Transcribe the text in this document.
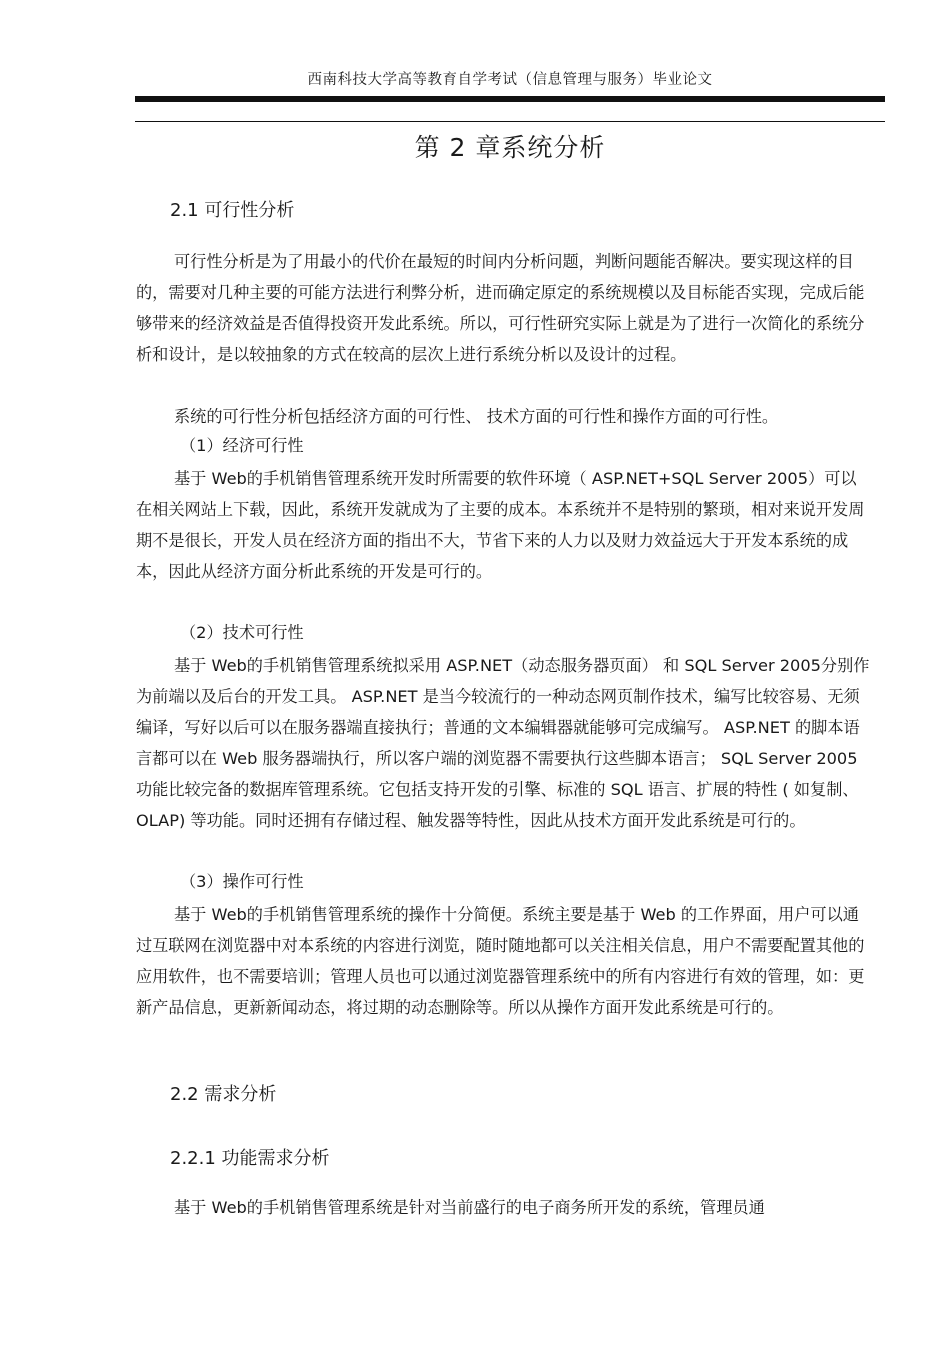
西南科技大学高等教育自学考试（信息管理与服务）毕业论文
第 2 章系统分析
2.1 可行性分析
可行性分析是为了用最小的代价在最短的时间内分析问题，判断问题能否解决。要实现这样的目的，需要对几种主要的可能方法进行利弊分析，进而确定原定的系统规模以及目标能否实现，完成后能够带来的经济效益是否值得投资开发此系统。所以，可行性研究实际上就是为了进行一次简化的系统分析和设计，是以较抽象的方式在较高的层次上进行系统分析以及设计的过程。
系统的可行性分析包括经济方面的可行性、 技术方面的可行性和操作方面的可行性。
（1）经济可行性
基于 Web的手机销售管理系统开发时所需要的软件环境（ ASP.NET+SQL Server 2005）可以在相关网站上下载，因此，系统开发就成为了主要的成本。本系统并不是特别的繁琐，相对来说开发周期不是很长，开发人员在经济方面的指出不大，节省下来的人力以及财力效益远大于开发本系统的成本，因此从经济方面分析此系统的开发是可行的。
（2）技术可行性
基于 Web的手机销售管理系统拟采用 ASP.NET（动态服务器页面） 和 SQL Server 2005分别作为前端以及后台的开发工具。 ASP.NET 是当今较流行的一种动态网页制作技术，编写比较容易、无须编译，写好以后可以在服务器端直接执行；普通的文本编辑器就能够可完成编写。 ASP.NET 的脚本语言都可以在 Web 服务器端执行，所以客户端的浏览器不需要执行这些脚本语言； SQL Server 2005功能比较完备的数据库管理系统。它包括支持开发的引擎、标准的 SQL 语言、扩展的特性 ( 如复制、 OLAP) 等功能。同时还拥有存储过程、触发器等特性，因此从技术方面开发此系统是可行的。
（3）操作可行性
基于 Web的手机销售管理系统的操作十分简便。系统主要是基于 Web 的工作界面，用户可以通过互联网在浏览器中对本系统的内容进行浏览，随时随地都可以关注相关信息，用户不需要配置其他的应用软件，也不需要培训；管理人员也可以通过浏览器管理系统中的所有内容进行有效的管理，如：更新产品信息，更新新闻动态，将过期的动态删除等。所以从操作方面开发此系统是可行的。
2.2 需求分析
2.2.1 功能需求分析
基于 Web的手机销售管理系统是针对当前盛行的电子商务所开发的系统，管理员通
